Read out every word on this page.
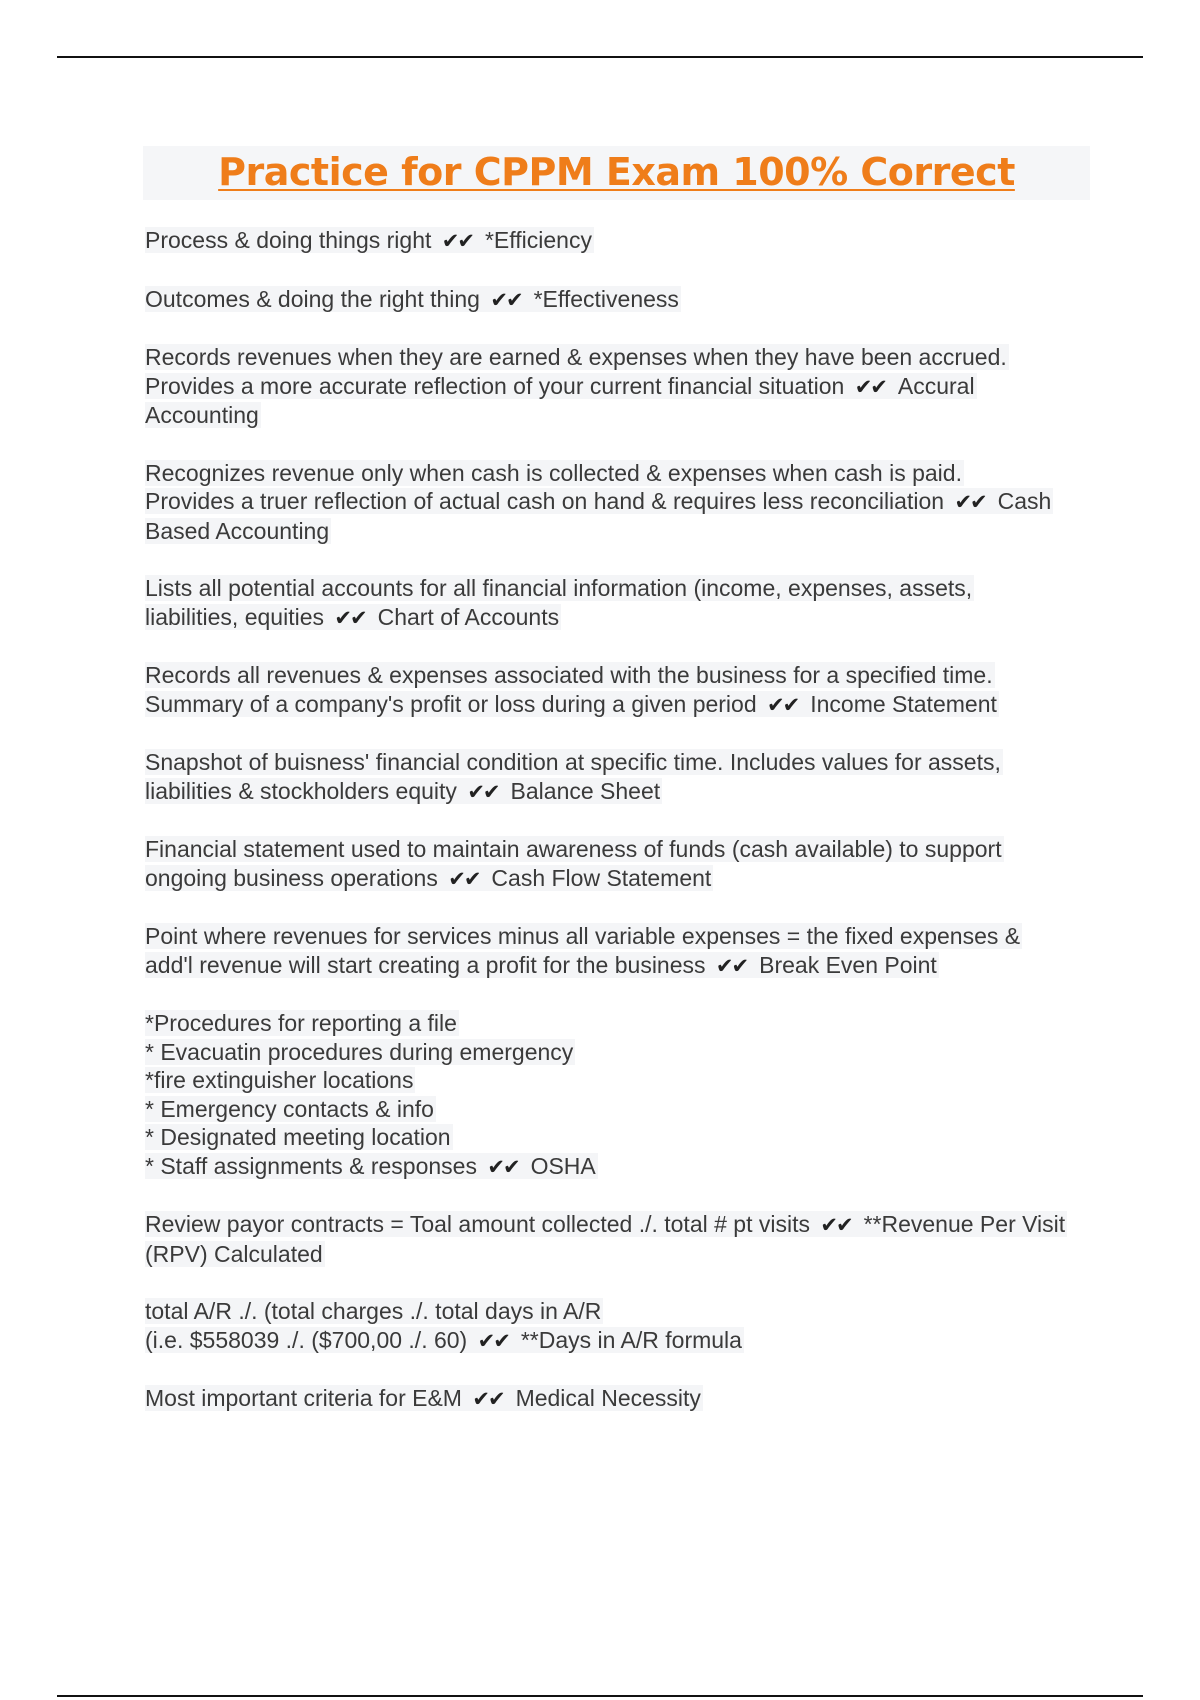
Practice for CPPM Exam 100% Correct
Process & doing things right ✔✔ *Efficiency
Outcomes & doing the right thing ✔✔ *Effectiveness
Records revenues when they are earned & expenses when they have been accrued.
Provides a more accurate reflection of your current financial situation ✔✔ Accural Accounting
Recognizes revenue only when cash is collected & expenses when cash is paid.
Provides a truer reflection of actual cash on hand & requires less reconciliation ✔✔ Cash Based Accounting
Lists all potential accounts for all financial information (income, expenses, assets,
liabilities, equities ✔✔ Chart of Accounts
Records all revenues & expenses associated with the business for a specified time.
Summary of a company's profit or loss during a given period ✔✔ Income Statement
Snapshot of buisness' financial condition at specific time. Includes values for assets,
liabilities & stockholders equity ✔✔ Balance Sheet
Financial statement used to maintain awareness of funds (cash available) to support
ongoing business operations ✔✔ Cash Flow Statement
Point where revenues for services minus all variable expenses = the fixed expenses &
add'l revenue will start creating a profit for the business ✔✔ Break Even Point
*Procedures for reporting a file
* Evacuatin procedures during emergency
*fire extinguisher locations
* Emergency contacts & info
* Designated meeting location
* Staff assignments & responses ✔✔ OSHA
Review payor contracts = Toal amount collected ./. total # pt visits ✔✔ **Revenue Per Visit (RPV) Calculated
total A/R ./. (total charges ./. total days in A/R
(i.e. $558039 ./. ($700,00 ./. 60) ✔✔ **Days in A/R formula
Most important criteria for E&M ✔✔ Medical Necessity
